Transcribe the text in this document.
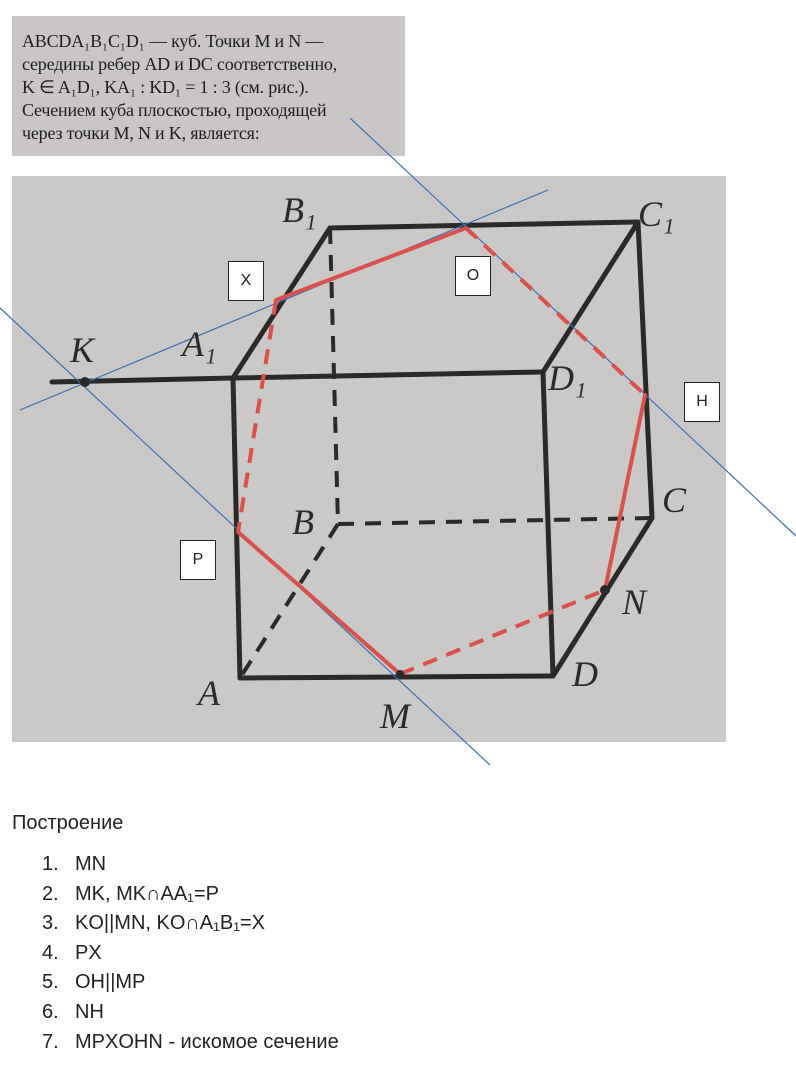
ABCDA₁B₁C₁D₁ — куб. Точки M и N —
середины ребер AD и DC соответственно,
K ∈ A₁D₁, KA₁ : KD₁ = 1 : 3 (см. рис.).
Сечением куба плоскостью, проходящей
через точки M, N и K, является:
B₁	C₁
A₁
D₁
K
B
C
A	D
M
N
X	O
H
P
Построение
1. MN
2. MK, MK∩AA₁=P
3. KO||MN, KO∩A₁B₁=X
4. PX
5. OH||MP
6. NH
7. MPXOHN - искомое сечение
